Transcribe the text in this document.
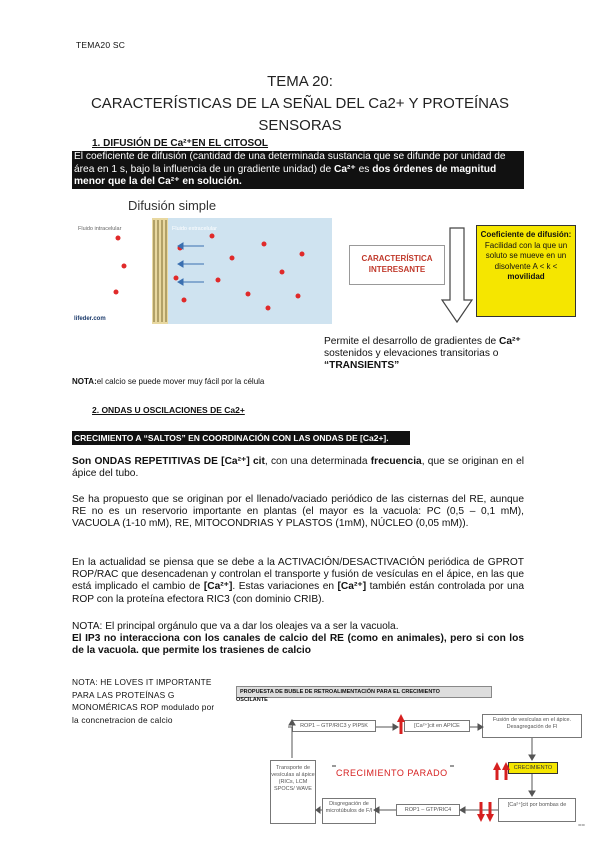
TEMA20 SC
TEMA 20:
CARACTERÍSTICAS DE LA SEÑAL DEL Ca2+ Y PROTEÍNAS
SENSORAS
1. DIFUSIÓN DE Ca²⁺EN EL CITOSOL
El coeficiente de difusión (cantidad de una determinada sustancia que se difunde por unidad de área en 1 s, bajo la influencia de un gradiente unidad) de Ca²⁺ es dos órdenes de magnitud menor que la del Ca²⁺ en solución.
Difusión simple
Fluido intracelular	Fluido extracelular
lifeder.com
CARACTERÍSTICA INTERESANTE
Coeficiente de difusión: Facilidad con la que un soluto se mueve en un disolvente A < k < movilidad
Permite el desarrollo de gradientes de Ca²⁺ sostenidos y elevaciones transitorias o “TRANSIENTS”
NOTA:el calcio se puede mover muy fácil por la célula
2. ONDAS U OSCILACIONES DE Ca2+
CRECIMIENTO A “SALTOS” EN COORDINACIÓN CON LAS ONDAS DE [Ca2+].
Son ONDAS REPETITIVAS DE [Ca²⁺] cit, con una determinada frecuencia, que se originan en el ápice del tubo.
Se ha propuesto que se originan por el llenado/vaciado periódico de las cisternas del RE, aunque RE no es un reservorio importante en plantas (el mayor es la vacuola: PC (0,5 – 0,1 mM), VACUOLA (1-10 mM), RE, MITOCONDRIAS Y PLASTOS (1mM), NÚCLEO (0,05 mM)).
En la actualidad se piensa que se debe a la ACTIVACIÓN/DESACTIVACIÓN periódica de GPROT ROP/RAC que desencadenan y controlan el transporte y fusión de vesículas en el ápice, en las que está implicado el cambio de [Ca²⁺]. Estas variaciones en [Ca²⁺] también están controlada por una ROP con la proteína efectora RIC3 (con dominio CRIB).
NOTA: El principal orgánulo que va a dar los oleajes va a ser la vacuola.
El IP3 no interacciona con los canales de calcio del RE (como en animales), pero si con los de la vacuola. que permite los trasienes de calcio
NOTA: HE LOVES IT IMPORTANTE PARA LAS PROTEÍNAS G MONOMÉRICAS ROP modulado por la concnetracion de calcio
PROPUESTA DE BUBLE DE RETROALIMENTACIÓN PARA EL CRECIMIENTO
OSCILANTE
ROP1 – GTP/RIC3 y PIP5K	[Ca²⁺]cit en APICE
Fusión de vesículas en el ápice. Desagregación de Fl
CRECIMIENTO
[Ca²⁺]cit por bombas de
ROP1 – GTP/RIC4
Disgregación de microtúbulos de F/I
Transporte de vesículas al ápice (RICs, LCM SPOCS/ WAVE
CRECIMIENTO PARADO
==
